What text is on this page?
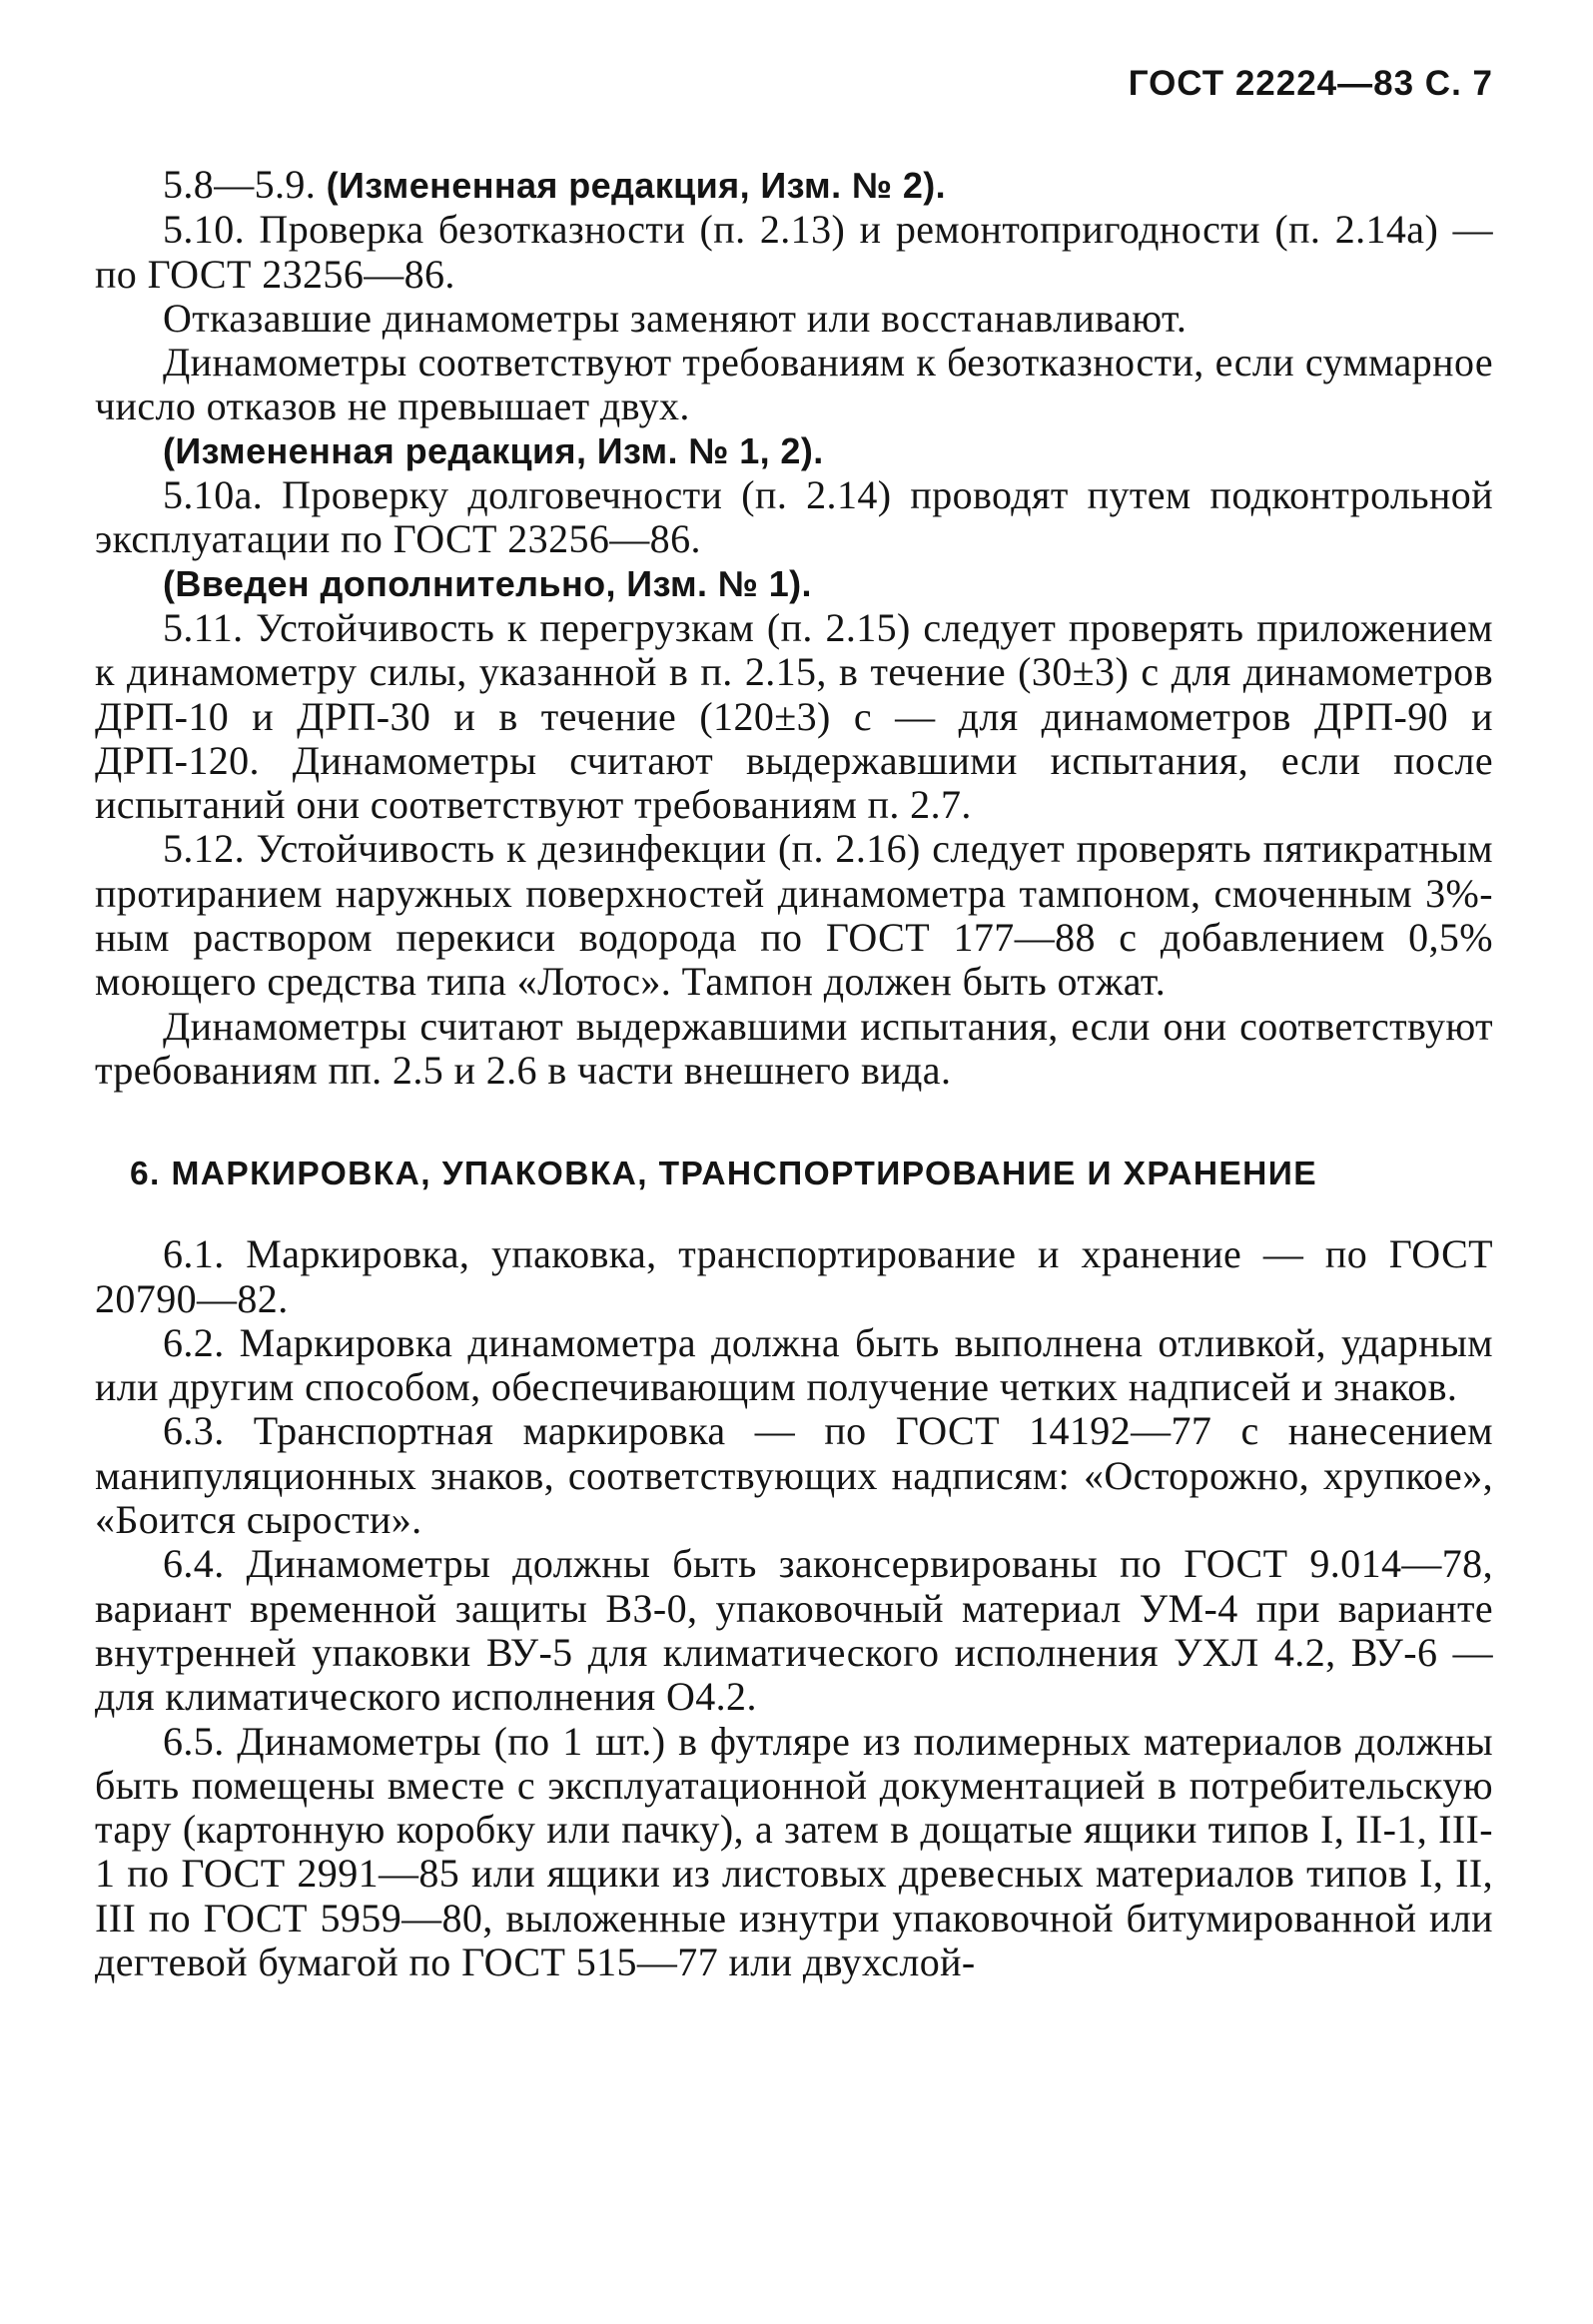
ГОСТ 22224—83 С. 7

5.8—5.9. (Измененная редакция, Изм. № 2).

5.10. Проверка безотказности (п. 2.13) и ремонтопригодности (п. 2.14а) — по ГОСТ 23256—86.

Отказавшие динамометры заменяют или восстанавливают.

Динамометры соответствуют требованиям к безотказности, если суммарное число отказов не превышает двух.

(Измененная редакция, Изм. № 1, 2).

5.10а. Проверку долговечности (п. 2.14) проводят путем подконтрольной эксплуатации по ГОСТ 23256—86.

(Введен дополнительно, Изм. № 1).

5.11. Устойчивость к перегрузкам (п. 2.15) следует проверять приложением к динамометру силы, указанной в п. 2.15, в течение (30±3) с для динамометров ДРП-10 и ДРП-30 и в течение (120±3) с — для динамометров ДРП-90 и ДРП-120. Динамометры считают выдержавшими испытания, если после испытаний они соответствуют требованиям п. 2.7.

5.12. Устойчивость к дезинфекции (п. 2.16) следует проверять пятикратным протиранием наружных поверхностей динамометра тампоном, смоченным 3%-ным раствором перекиси водорода по ГОСТ 177—88 с добавлением 0,5% моющего средства типа «Лотос». Тампон должен быть отжат.

Динамометры считают выдержавшими испытания, если они соответствуют требованиям пп. 2.5 и 2.6 в части внешнего вида.

6. МАРКИРОВКА, УПАКОВКА, ТРАНСПОРТИРОВАНИЕ И ХРАНЕНИЕ

6.1. Маркировка, упаковка, транспортирование и хранение — по ГОСТ 20790—82.

6.2. Маркировка динамометра должна быть выполнена отливкой, ударным или другим способом, обеспечивающим получение четких надписей и знаков.

6.3. Транспортная маркировка — по ГОСТ 14192—77 с нанесением манипуляционных знаков, соответствующих надписям: «Осторожно, хрупкое», «Боится сырости».

6.4. Динамометры должны быть законсервированы по ГОСТ 9.014—78, вариант временной защиты ВЗ-0, упаковочный материал УМ-4 при варианте внутренней упаковки ВУ-5 для климатического исполнения УХЛ 4.2, ВУ-6 — для климатического исполнения О4.2.

6.5. Динамометры (по 1 шт.) в футляре из полимерных материалов должны быть помещены вместе с эксплуатационной документацией в потребительскую тару (картонную коробку или пачку), а затем в дощатые ящики типов I, II-1, III-1 по ГОСТ 2991—85 или ящики из листовых древесных материалов типов I, II, III по ГОСТ 5959—80, выложенные изнутри упаковочной битумированной или дегтевой бумагой по ГОСТ 515—77 или двухслой-
